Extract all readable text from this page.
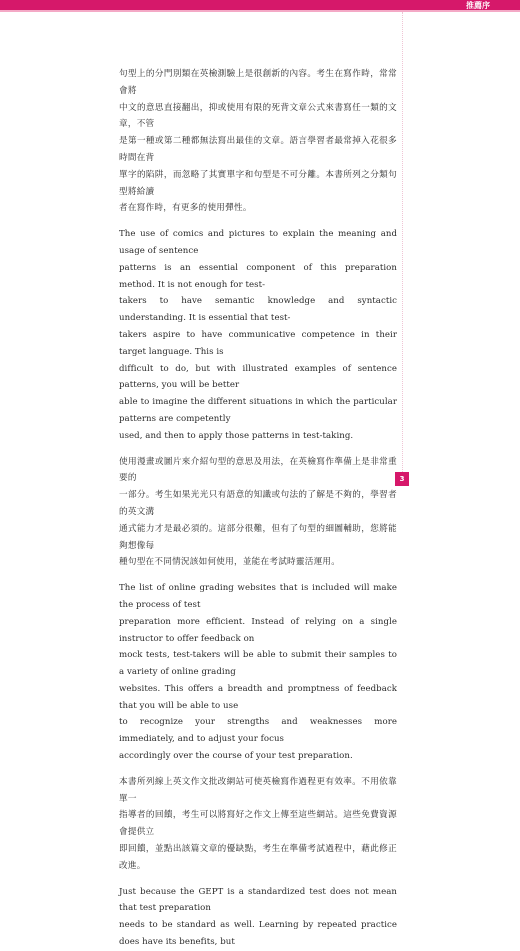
推薦序

句型上的分門別類在英檢測驗上是很創新的內容。考生在寫作時，常常會將
中文的意思直接翻出，抑或使用有限的死背文章公式來書寫任一類的文章，不管
是第一種或第二種都無法寫出最佳的文章。語言學習者最常掉入花很多時間在背
單字的陷阱，而忽略了其實單字和句型是不可分離。本書所列之分類句型將給讀
者在寫作時，有更多的使用彈性。

The use of comics and pictures to explain the meaning and usage of sentence
patterns is an essential component of this preparation method. It is not enough for test-
takers to have semantic knowledge and syntactic understanding. It is essential that test-
takers aspire to have communicative competence in their target language. This is
difficult to do, but with illustrated examples of sentence patterns, you will be better
able to imagine the different situations in which the particular patterns are competently
used, and then to apply those patterns in test-taking.

使用漫畫或圖片來介紹句型的意思及用法，在英檢寫作準備上是非常重要的
一部分。考生如果光光只有語意的知識或句法的了解是不夠的，學習者的英文溝
通式能力才是最必須的。這部分很難，但有了句型的細圖輔助，您將能夠想像每
種句型在不同情況該如何使用，並能在考試時靈活運用。

The list of online grading websites that is included will make the process of test
preparation more efficient. Instead of relying on a single instructor to offer feedback on
mock tests, test-takers will be able to submit their samples to a variety of online grading
websites. This offers a breadth and promptness of feedback that you will be able to use
to recognize your strengths and weaknesses more immediately, and to adjust your focus
accordingly over the course of your test preparation.

本書所列線上英文作文批改網站可使英檢寫作過程更有效率。不用依靠單一
指導者的回饋，考生可以將寫好之作文上傳至這些網站。這些免費資源會提供立
即回饋，並點出該篇文章的優缺點，考生在準備考試過程中，藉此修正改進。

Just because the GEPT is a standardized test does not mean that test preparation
needs to be standard as well. Learning by repeated practice does have its benefits, but

3
